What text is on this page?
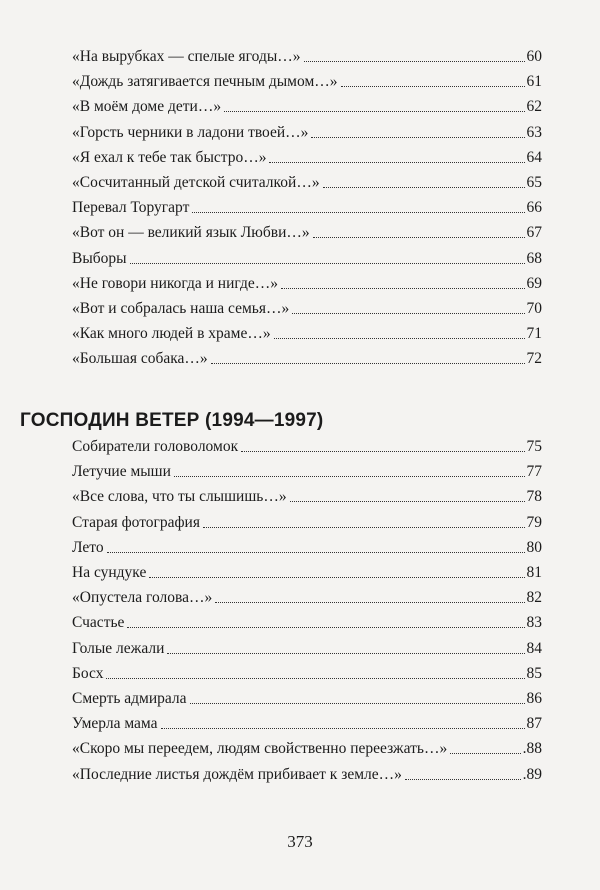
«На вырубках — спелые ягоды…»	60
«Дождь затягивается печным дымом…»	61
«В моём доме дети…»	62
«Горсть черники в ладони твоей…»	63
«Я ехал к тебе так быстро…»	64
«Сосчитанный детской считалкой…»	65
Перевал Торугарт	66
«Вот он — великий язык Любви…»	67
Выборы	68
«Не говори никогда и нигде…»	69
«Вот и собралась наша семья…»	70
«Как много людей в храме…»	71
«Большая собака…»	72
Собиратели головоломок	75
Летучие мыши	77
«Все слова, что ты слышишь…»	78
Старая фотография	79
Лето	80
На сундуке	81
«Опустела голова…»	82
Счастье	83
Голые лежали	84
Босх	85
Смерть адмирала	86
Умерла мама	87
«Скоро мы переедем, людям свойственно переезжать…»	.88
«Последние листья дождём прибивает к земле…»	.89
ГОСПОДИН ВЕТЕР (1994—1997)
373
